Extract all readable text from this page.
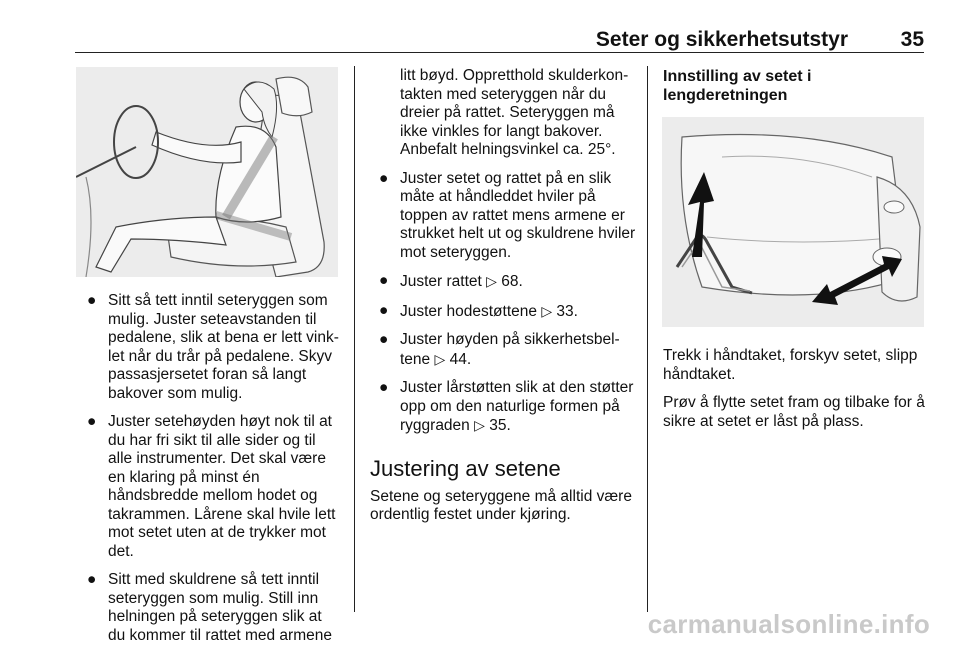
Seter og sikkerhetsutstyr	35
● Sitt så tett inntil seteryggen som mulig. Juster seteavstanden til pedalene, slik at bena er lett vinklet når du trår på pedalene. Skyv passasjersetet foran så langt bakover som mulig.
● Juster setehøyden høyt nok til at du har fri sikt til alle sider og til alle instrumenter. Det skal være en klaring på minst én håndsbredde mellom hodet og takrammen. Lårene skal hvile lett mot setet uten at de trykker mot det.
● Sitt med skuldrene så tett inntil seteryggen som mulig. Still inn helningen på seteryggen slik at du kommer til rattet med armene
litt bøyd. Oppretthold skulderkontakten med seteryggen når du dreier på rattet. Seteryggen må ikke vinkles for langt bakover. Anbefalt helningsvinkel ca. 25°.
● Juster setet og rattet på en slik måte at håndleddet hviler på toppen av rattet mens armene er strukket helt ut og skuldrene hviler mot seteryggen.
● Juster rattet ▷ 68.
● Juster hodestøttene ▷ 33.
● Juster høyden på sikkerhetsbeltene ▷ 44.
● Juster lårstøtten slik at den støtter opp om den naturlige formen på ryggraden ▷ 35.
Justering av setene

Setene og seteryggene må alltid være ordentlig festet under kjøring.

Innstilling av setet i lengderetningen

Trekk i håndtaket, forskyv setet, slipp håndtaket.

Prøv å flytte setet fram og tilbake for å sikre at setet er låst på plass.

carmanualsonline.info
